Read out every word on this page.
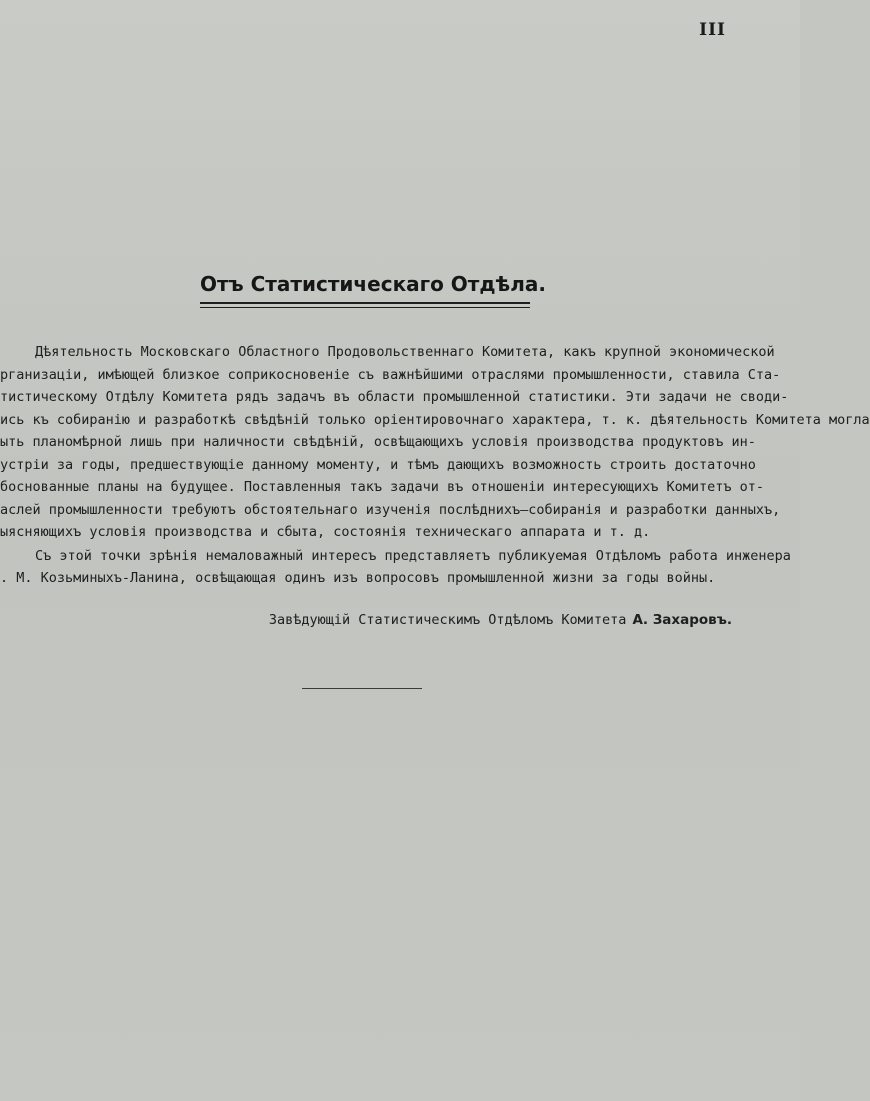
III
Отъ Статистическаго Отдѣла.
Дѣятельность Московскаго Областного Продовольственнаго Комитета, какъ крупной экономической
рганизаціи, имѣющей близкое соприкосновеніе съ важнѣйшими отраслями промышленности, ставила Ста-
тистическому Отдѣлу Комитета рядъ задачъ въ области промышленной статистики. Эти задачи не своди-
ись къ собиранію и разработкѣ свѣдѣній только оріентировочнаго характера, т. к. дѣятельность Комитета могла
ыть планомѣрной лишь при наличности свѣдѣній, освѣщающихъ условія производства продуктовъ ин-
устріи за годы, предшествующіе данному моменту, и тѣмъ дающихъ возможность строить достаточно
боснованные планы на будущее. Поставленныя такъ задачи въ отношеніи интересующихъ Комитетъ от-
аслей промышленности требуютъ обстоятельнаго изученія послѣднихъ—собиранія и разработки данныхъ,
ыясняющихъ условія производства и сбыта, состоянія техническаго аппарата и т. д.
Съ этой точки зрѣнія немаловажный интересъ представляетъ публикуемая Отдѣломъ работа инженера
. М. Козьминыхъ-Ланина, освѣщающая одинъ изъ вопросовъ промышленной жизни за годы войны.
Завѣдующій Статистическимъ Отдѣломъ Комитета А. Захаровъ.
